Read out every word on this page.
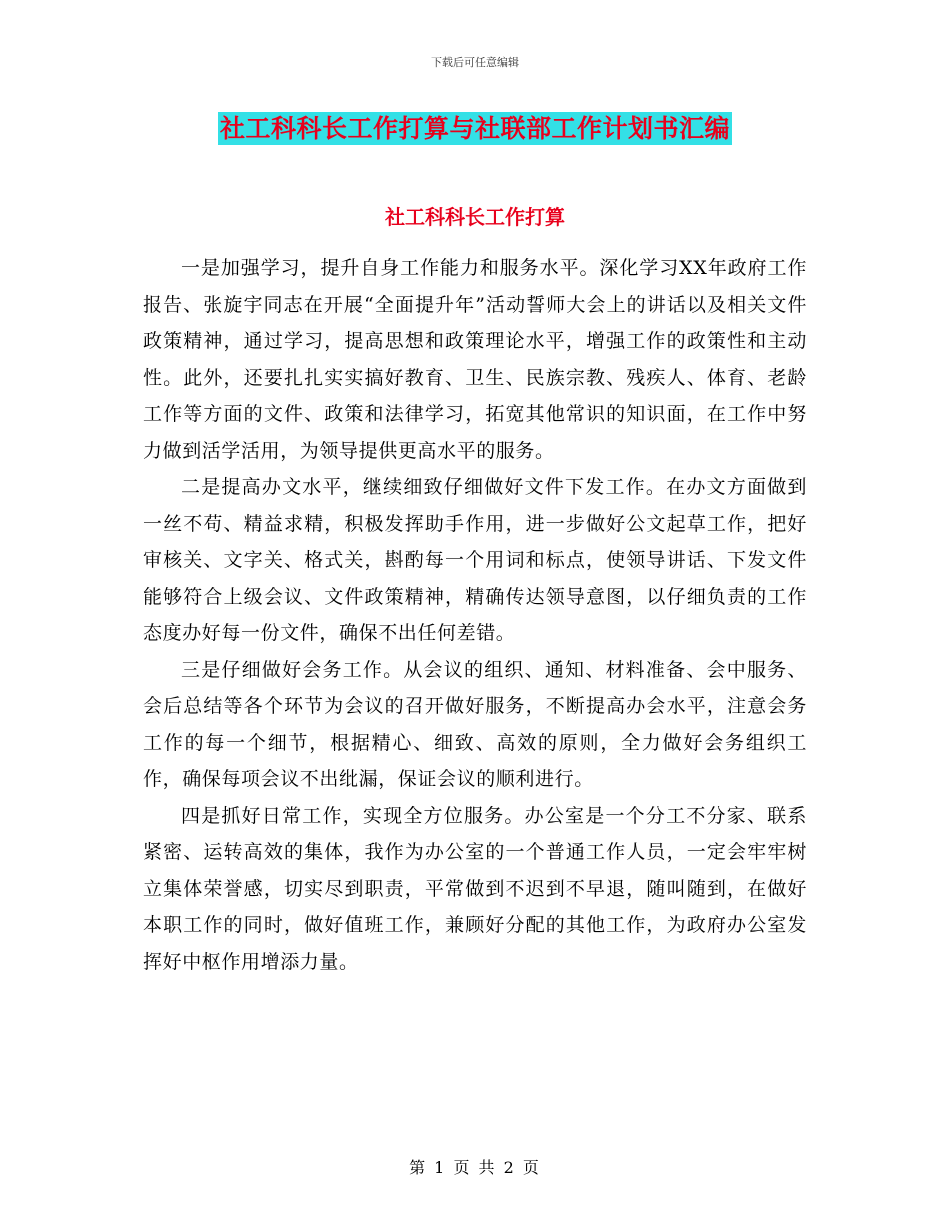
下载后可任意编辑
社工科科长工作打算与社联部工作计划书汇编
社工科科长工作打算

一是加强学习，提升自身工作能力和服务水平。深化学习XX年政府工作报告、张旋宇同志在开展“全面提升年”活动誓师大会上的讲话以及相关文件政策精神，通过学习，提高思想和政策理论水平，增强工作的政策性和主动性。此外，还要扎扎实实搞好教育、卫生、民族宗教、残疾人、体育、老龄工作等方面的文件、政策和法律学习，拓宽其他常识的知识面，在工作中努力做到活学活用，为领导提供更高水平的服务。

二是提高办文水平，继续细致仔细做好文件下发工作。在办文方面做到一丝不苟、精益求精，积极发挥助手作用，进一步做好公文起草工作，把好审核关、文字关、格式关，斟酌每一个用词和标点，使领导讲话、下发文件能够符合上级会议、文件政策精神，精确传达领导意图，以仔细负责的工作态度办好每一份文件，确保不出任何差错。

三是仔细做好会务工作。从会议的组织、通知、材料准备、会中服务、会后总结等各个环节为会议的召开做好服务，不断提高办会水平，注意会务工作的每一个细节，根据精心、细致、高效的原则，全力做好会务组织工作，确保每项会议不出纰漏，保证会议的顺利进行。

四是抓好日常工作，实现全方位服务。办公室是一个分工不分家、联系紧密、运转高效的集体，我作为办公室的一个普通工作人员，一定会牢牢树立集体荣誉感，切实尽到职责，平常做到不迟到不早退，随叫随到，在做好本职工作的同时，做好值班工作，兼顾好分配的其他工作，为政府办公室发挥好中枢作用增添力量。

第 1 页 共 2 页
